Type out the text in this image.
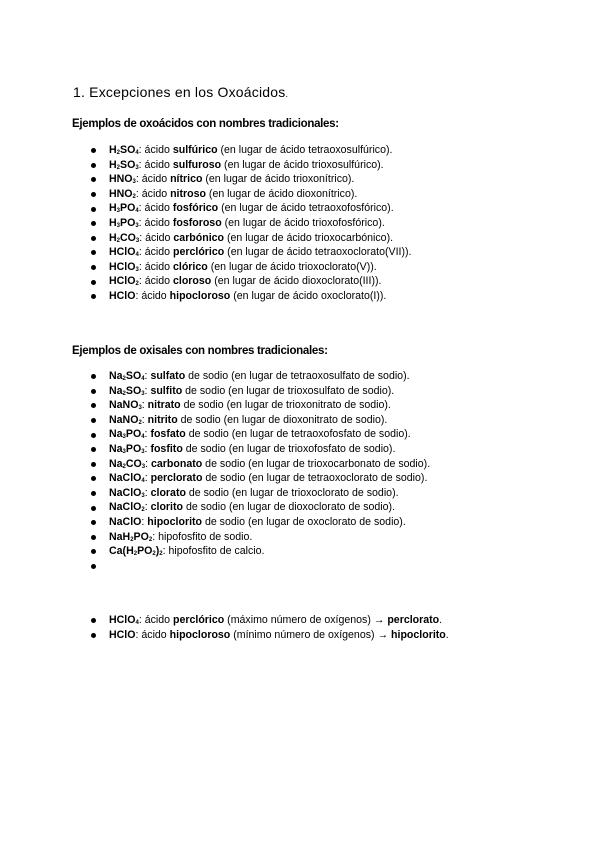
1. Excepciones en los Oxoácidos.

Ejemplos de oxoácidos con nombres tradicionales:

$H_2SO_4$: ácido sulfúrico (en lugar de ácido tetraoxosulfúrico).
$H_2SO_3$: ácido sulfuroso (en lugar de ácido trioxosulfúrico).
$HNO_3$: ácido nítrico (en lugar de ácido trioxonítrico).
$HNO_2$: ácido nitroso (en lugar de ácido dioxonítrico).
$H_3PO_4$: ácido fosfórico (en lugar de ácido tetraoxofosfórico).
$H_3PO_3$: ácido fosforoso (en lugar de ácido trioxofosfórico).
$H_2CO_3$: ácido carbónico (en lugar de ácido trioxocarbónico).
HClO$_4$: ácido perclórico (en lugar de ácido tetraoxoclorato(VII)).
HClO$_3$: ácido clórico (en lugar de ácido trioxoclorato(V)).
HClO$_2$: ácido cloroso (en lugar de ácido dioxoclorato(III)).
HClO: ácido hipocloroso (en lugar de ácido oxoclorato(I)).

Ejemplos de oxisales con nombres tradicionales:

$Na_2SO_4$: sulfato de sodio (en lugar de tetraoxosulfato de sodio).
$Na_2SO_3$: sulfito de sodio (en lugar de trioxosulfato de sodio).
NaNO$_3$: nitrato de sodio (en lugar de trioxonitrato de sodio).
NaNO$_2$: nitrito de sodio (en lugar de dioxonitrato de sodio).
$Na_3PO_4$: fosfato de sodio (en lugar de tetraoxofosfato de sodio).
$Na_3PO_3$: fosfito de sodio (en lugar de trioxofosfato de sodio).
$Na_2CO_3$: carbonato de sodio (en lugar de trioxocarbonato de sodio).
NaClO$_4$: perclorato de sodio (en lugar de tetraoxoclorato de sodio).
NaClO$_3$: clorato de sodio (en lugar de trioxoclorato de sodio).
NaClO$_2$: clorito de sodio (en lugar de dioxoclorato de sodio).
NaClO: hipoclorito de sodio (en lugar de oxoclorato de sodio).
$NaH_2PO_2$: hipofosfito de sodio.
$Ca(H_2PO_2)_2$: hipofosfito de calcio.
HClO$_4$: ácido perclórico (máximo número de oxígenos) → perclorato.
HClO: ácido hipocloroso (mínimo número de oxígenos) → hipoclorito.
